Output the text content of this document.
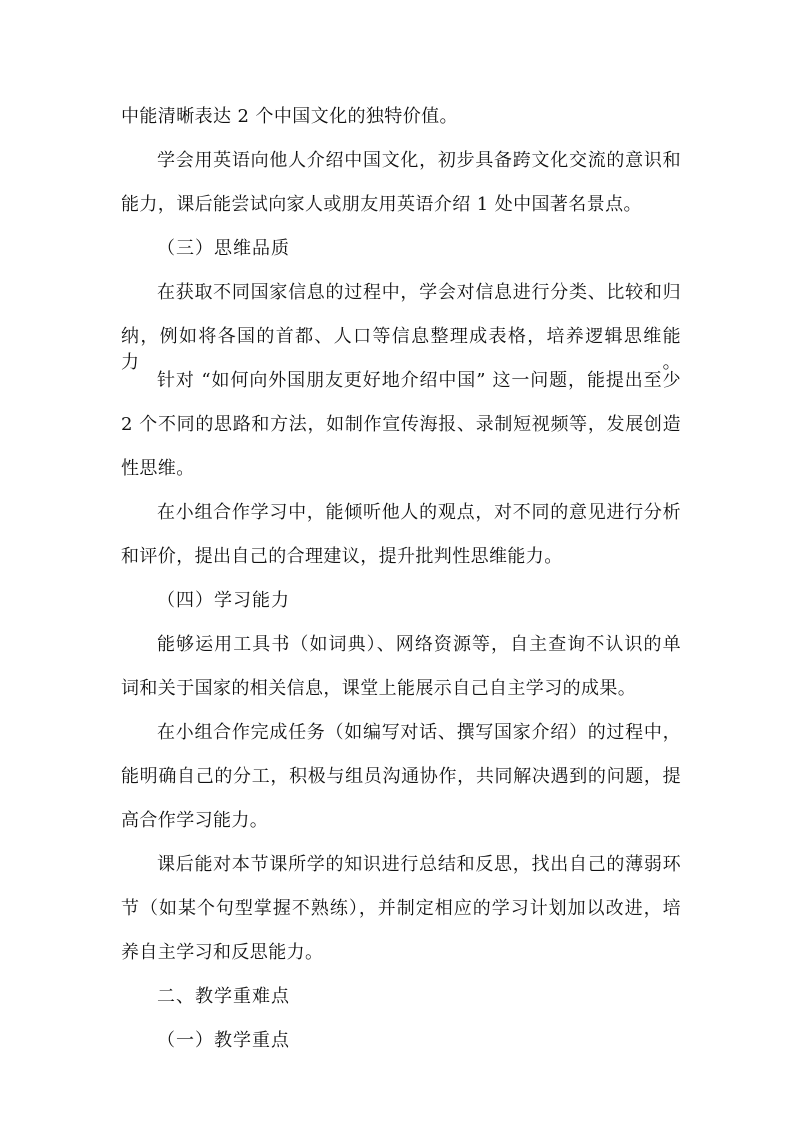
中能清晰表达 2 个中国文化的独特价值。
学会用英语向他人介绍中国文化，初步具备跨文化交流的意识和
能力，课后能尝试向家人或朋友用英语介绍 1 处中国著名景点。
（三）思维品质
在获取不同国家信息的过程中，学会对信息进行分类、比较和归
纳，例如将各国的首都、人口等信息整理成表格，培养逻辑思维能力。
针对 “如何向外国朋友更好地介绍中国” 这一问题，能提出至少
2 个不同的思路和方法，如制作宣传海报、录制短视频等，发展创造
性思维。
在小组合作学习中，能倾听他人的观点，对不同的意见进行分析
和评价，提出自己的合理建议，提升批判性思维能力。
（四）学习能力
能够运用工具书（如词典）、网络资源等，自主查询不认识的单
词和关于国家的相关信息，课堂上能展示自己自主学习的成果。
在小组合作完成任务（如编写对话、撰写国家介绍）的过程中，
能明确自己的分工，积极与组员沟通协作，共同解决遇到的问题，提
高合作学习能力。
课后能对本节课所学的知识进行总结和反思，找出自己的薄弱环
节（如某个句型掌握不熟练），并制定相应的学习计划加以改进，培
养自主学习和反思能力。
二、教学重难点
（一）教学重点
